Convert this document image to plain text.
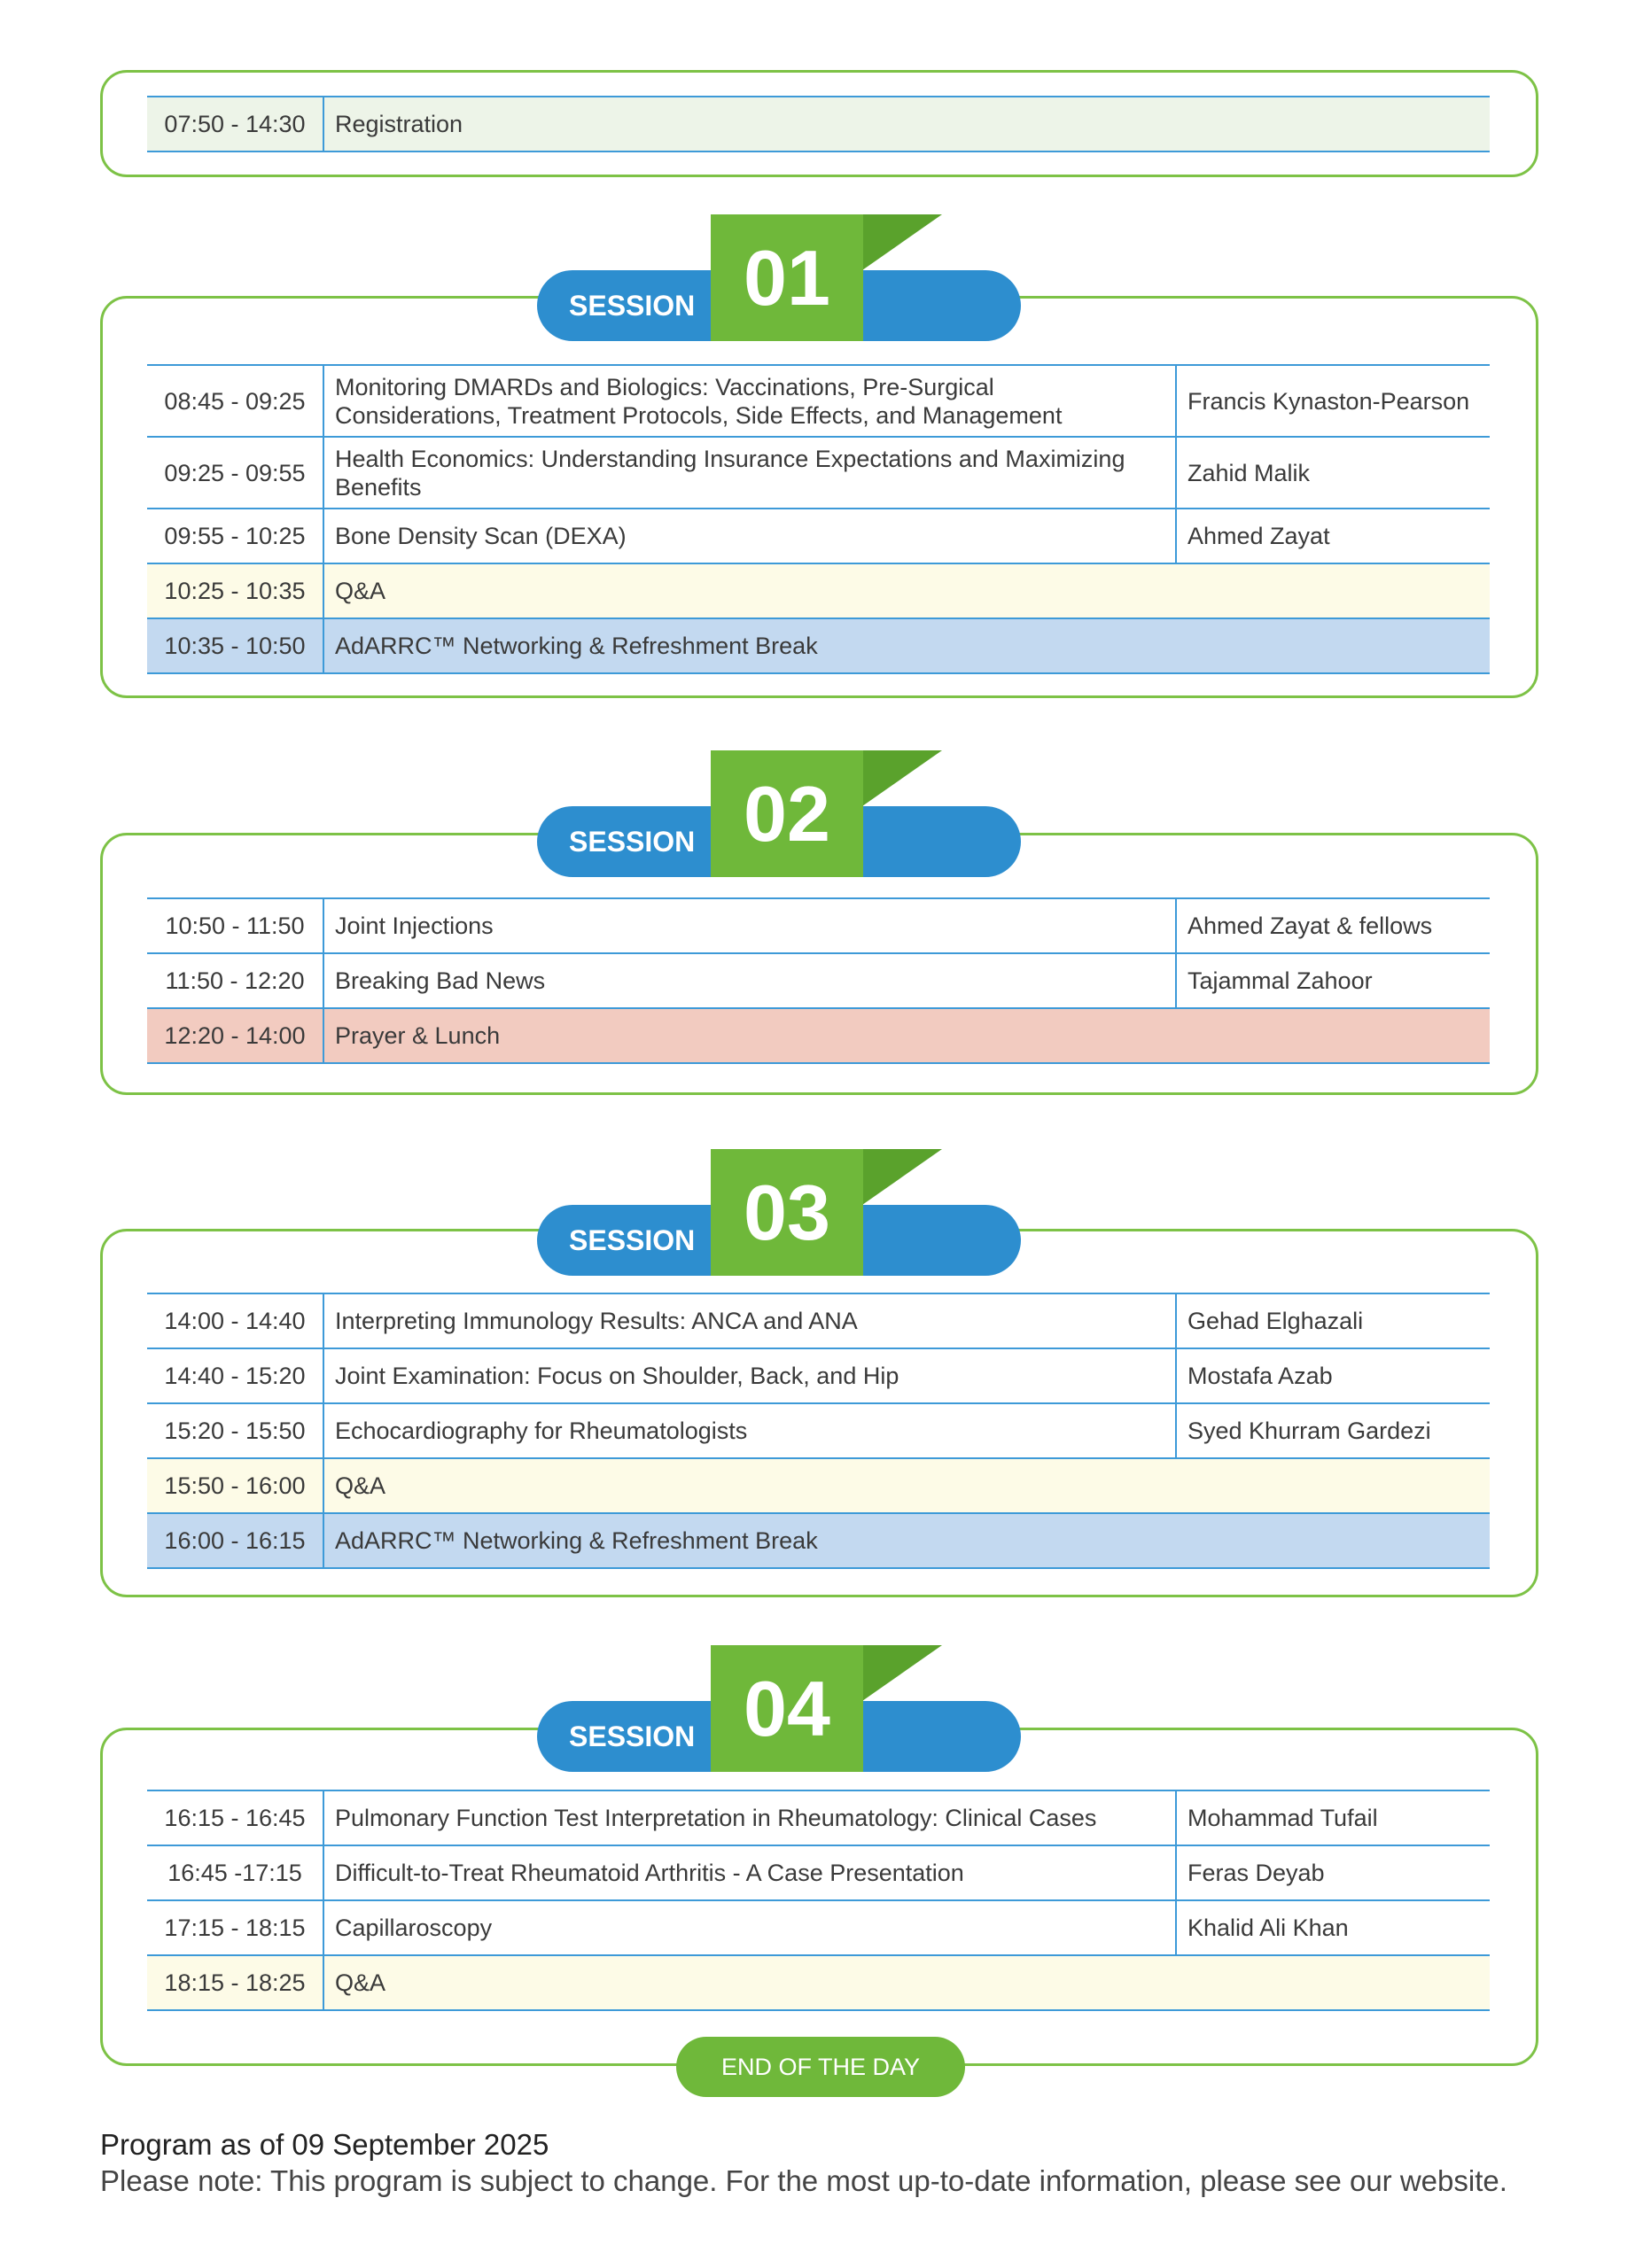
07:50 - 14:30	Registration
SESSION 01
08:45 - 09:25	Monitoring DMARDs and Biologics: Vaccinations, Pre-Surgical Considerations, Treatment Protocols, Side Effects, and Management	Francis Kynaston-Pearson
09:25 - 09:55	Health Economics: Understanding Insurance Expectations and Maximizing Benefits	Zahid Malik
09:55 - 10:25	Bone Density Scan (DEXA)	Ahmed Zayat
10:25 - 10:35	Q&A	
10:35 - 10:50	AdARRC™ Networking & Refreshment Break	
SESSION 02
10:50 - 11:50	Joint Injections	Ahmed Zayat & fellows
11:50 - 12:20	Breaking Bad News	Tajammal Zahoor
12:20 - 14:00	Prayer & Lunch	
SESSION 03
14:00 - 14:40	Interpreting Immunology Results: ANCA and ANA	Gehad Elghazali
14:40 - 15:20	Joint Examination: Focus on Shoulder, Back, and Hip	Mostafa Azab
15:20 - 15:50	Echocardiography for Rheumatologists	Syed Khurram Gardezi
15:50 - 16:00	Q&A	
16:00 - 16:15	AdARRC™ Networking & Refreshment Break	
SESSION 04
16:15 - 16:45	Pulmonary Function Test Interpretation in Rheumatology: Clinical Cases	Mohammad Tufail
16:45 -17:15	Difficult-to-Treat Rheumatoid Arthritis - A Case Presentation	Feras Deyab
17:15 - 18:15	Capillaroscopy	Khalid Ali Khan
18:15 - 18:25	Q&A	
END OF THE DAY
Program as of 09 September 2025
Please note: This program is subject to change. For the most up-to-date information, please see our website.
